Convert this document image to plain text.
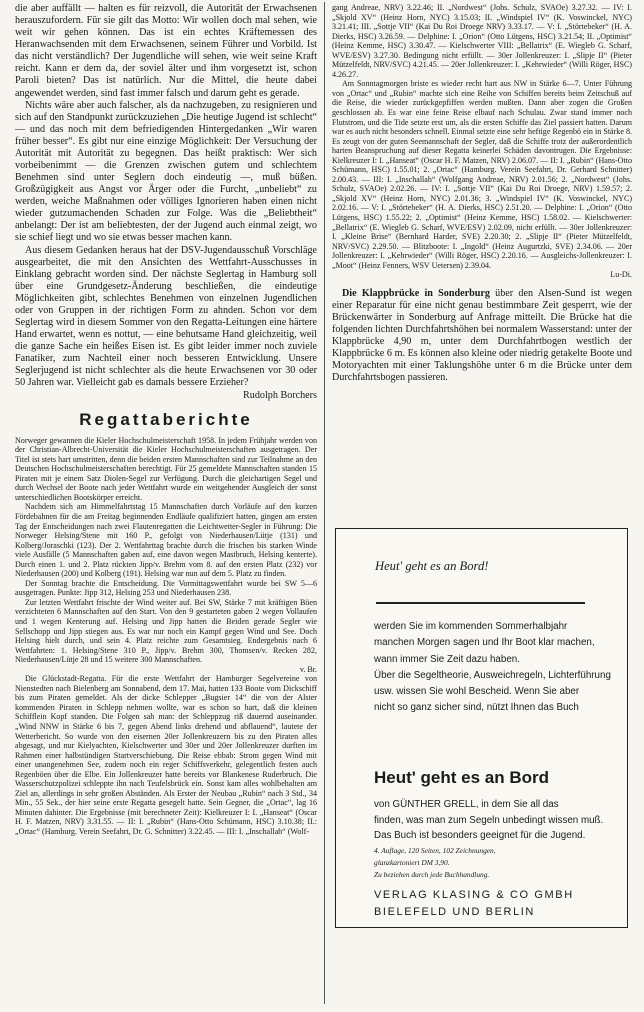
die aber auffällt — halten es für reizvoll, die Autorität der Erwachsenen herauszufordern. Für sie gilt das Motto: Wir wollen doch mal sehen, wie weit wir gehen können. Das ist ein echtes Kräftemessen des Heranwachsenden mit dem Erwachsenen, seinem Führer und Vorbild. Ist das nicht verständlich? Der Jugendliche will sehen, wie weit seine Kraft reicht. Kann er dem da, der soviel älter und ihm vorgesetzt ist, schon Paroli bieten? Das ist natürlich. Nur die Mittel, die heute dabei angewendet werden, sind fast immer falsch und darum geht es gerade.

Nichts wäre aber auch falscher, als da nachzugeben, zu resignieren und sich auf den Standpunkt zurückzuziehen „Die heutige Jugend ist schlecht“ — und das noch mit dem befriedigenden Hintergedanken „Wir waren früher besser“. Es gibt nur eine einzige Möglichkeit: Der Versuchung der Autorität mit Autorität zu begegnen. Das heißt praktisch: Wer sich vorbeibenimmt — die Grenzen zwischen gutem und schlechtem Benehmen sind unter Seglern doch eindeutig —, muß büßen. Großzügigkeit aus Angst vor Ärger oder die Furcht, „unbeliebt“ zu werden, weiche Maßnahmen oder völliges Ignorieren haben einen nicht wieder gutzumachenden Schaden zur Folge. Was die „Beliebtheit“ anbelangt: Der ist am beliebtesten, der der Jugend auch einmal zeigt, wo sie schief liegt und wo sie etwas besser machen kann.

Aus diesem Gedanken heraus hat der DSV-Jugendausschuß Vorschläge ausgearbeitet, die mit den Ansichten des Wettfahrt-Ausschusses in Einklang gebracht worden sind. Der nächste Seglertag in Hamburg soll über eine Grundgesetz-Änderung beschließen, die eindeutige Möglichkeiten gibt, schlechtes Benehmen von einzelnen Jugendlichen oder von Gruppen in der richtigen Form zu ahnden. Schon vor dem Seglertag wird in diesem Sommer von den Regatta-Leitungen eine härtere Hand erwartet, wenn es nottut, — eine behutsame Hand gleichzeitig, weil die ganze Sache ein heißes Eisen ist. Es gibt leider immer noch zuviele Fanatiker, zum Nachteil einer noch besseren Entwicklung. Unsere Seglerjugend ist nicht schlechter als die heute Erwachsenen vor 30 oder 50 Jahren war. Vielleicht gab es damals bessere Erzieher?

Rudolph Borchers

Regattaberichte

Norweger gewannen die Kieler Hochschulmeisterschaft 1958. In jedem Frühjahr werden von der Christian-Albrecht-Universität die Kieler Hochschulmeisterschaften ausgetragen. Der Titel ist stets hart umstritten, denn die beiden ersten Mannschaften sind zur Teilnahme an den Deutschen Hochschulmeisterschaften berechtigt. Für 25 gemeldete Mannschaften standen 15 Piraten mit je einem Satz Diolen-Segel zur Verfügung. Durch die gleichartigen Segel und durch Wechsel der Boote nach jeder Wettfahrt wurde ein weitgehender Ausgleich der sonst unterschiedlichen Bootskörper erreicht.

Nachdem sich am Himmelfahrtstag 15 Mannschaften durch Vorläufe auf den kurzen Fördebahnen für die am Freitag beginnenden Endläufe qualifiziert hatten, gingen am ersten Tag der Entscheidungen nach zwei Flautenregatten die Leichtwetter-Segler in Führung: Die Norweger Helsing/Stene mit 160 P., gefolgt von Niederhausen/Lütje (131) und Kolberg/Joraschki (123). Der 2. Wettfahrttag brachte durch die frischen bis starken Winde viele Ausfälle (5 Mannschaften gaben auf, eine davon wegen Mastbruch, Helsing kenterte). Durch einen 1. und 2. Platz rückten Jipp/v. Brehm vom 8. auf den ersten Platz (232) vor Niederhausen (200) und Kolberg (191). Helsing war nun auf dem 5. Platz zu finden.

Der Sonntag brachte die Entscheidung. Die Vormittagswettfahrt wurde bei SW 5—6 ausgetragen. Punkte: Jipp 312, Helsing 253 und Niederhausen 238.

Zur letzten Wettfahrt frischte der Wind weiter auf. Bei SW, Stärke 7 mit kräftigen Böen verzichteten 6 Mannschaften auf den Start. Von den 9 gestarteten gaben 2 wegen Vollaufen und 1 wegen Kenterung auf. Helsing und Jipp hatten die Beiden gerade Segler wie Sellschopp und Jipp stiegen aus. Es war nur noch ein Kampf gegen Wind und See. Doch Helsing hielt durch, und sein 4. Platz reichte zum Gesamtsieg. Endergebnis nach 6 Wettfahrten: 1. Helsing/Stene 310 P., Jipp/v. Brehm 300, Thomsen/v. Recken 282, Niederhausen/Lütje 28 und 15 weitere 300 Mannschaften.

v. Br.

Die Glückstadt-Regatta. Für die erste Wettfahrt der Hamburger Segelvereine von Nienstedten nach Bielenberg am Sonnabend, dem 17. Mai, hatten 133 Boote vom Dickschiff bis zum Piraten gemeldet. Als der dicke Schlepper „Bugsier 14“ die von der Alster kommenden Piraten in Schlepp nehmen wollte, war es schon so hart, daß die kleinen Schifflein Kopf standen. Die Folgen sah man: der Schleppzug riß dauernd auseinander. „Wind NNW in Stärke 6 bis 7, gegen Abend links drehend und abflauend“, lautete der Wetterbericht. So wurde von den eisernen 20er Jollenkreuzern bis zu den Piraten alles abgesagt, und nur Kielyachten, Kielschwerter und 30er und 20er Jollenkreuzer durften im Rahmen einer halbstündigen Startverschiebung. Die Reise ebbab: Strom gegen Wind mit einer unangenehmen See, zudem noch ein reger Schiffsverkehr, gelegentlich festen auch Regenböen über die Elbe. Ein Jollenkreuzer hatte bereits vor Blankenese Ruderbruch. Die Wasserschutzpolizei schleppte ihn nach Teufelsbrück ein. Sonst kam alles wohlbehalten am Ziel an, allerdings in sehr großen Abständen. Als Erster der Neubau „Rubin“ nach 3 Std., 34 Min., 55 Sek., der hier seine erste Regatta gesegelt hatte. Sein Gegner, die „Ortac“, lag 16 Minuten dahinter. Die Ergebnisse (mit berechneter Zeit): Kielkreuzer I: I. „Hanseat“ (Oscar H. F. Matzen, NRV) 3.31.55. — II: I. „Rubin“ (Hans-Otto Schümann, HSC) 3.10.38; II.: „Ortac“ (Hamburg. Verein Seefahrt, Dr. G. Schnitter) 3.22.45. — III: I. „Inschallah“ (Wolf-

gang Andreae, NRV) 3.22.46; II. „Nordwest“ (Johs. Schulz, SVAOe) 3.27.32. — IV: I. „Skjold XV“ (Heinz Horn, NYC) 3.15.03; II. „Windspiel IV“ (K. Voswinckel, NYC) 3.21.41; III. „Sottje VII“ (Kai Du Roi Droege NRV) 3.33.17. — V: I. „Störtebeker“ (H. A. Dierks, HSC) 3.26.59. — Delphine: I. „Orion“ (Otto Lütgens, HSC) 3.21.54; II. „Optimist“ (Heinz Kemme, HSC) 3.30.47. — Kielschwerter VIII: „Bellatrix“ (E. Wiegleb G. Scharf, WVE/ESV) 3.27.30. Bedingung nicht erfüllt. — 30er Jollenkreuzer: I. „Slipje II“ (Pieter Mützelfeldt, NRV/SVC) 4.21.45. — 20er Jollenkreuzer: I. „Kehrwieder“ (Willi Röger, HSC) 4.26.27.

Am Sonntagmorgen briste es wieder recht hart aus NW in Stärke 6—7. Unter Führung von „Ortac“ und „Rubin“ machte sich eine Reihe von Schiffen bereits beim Zeitschuß auf die Reise, die wieder zurückgepfiffen werden mußten. Dann aber zogen die Großen geschlossen ab. Es war eine feine Reise elbauf nach Schulau. Zwar stand immer noch Flutstrom, und die Tide setzte erst um, als die ersten Schiffe das Ziel passiert hatten. Darum war es auch nicht besonders schnell. Einmal setzte eine sehr heftige Regenbö ein in Stärke 8. Es zeugt von der guten Seemannschaft der Segler, daß die Schiffe trotz der außerordentlich harten Beanspruchung auf dieser Regatta keinerlei Schäden davontrugen. Die Ergebnisse: Kielkreuzer I: I. „Hanseat“ (Oscar H. F. Matzen, NRV) 2.06.07. — II: I. „Rubin“ (Hans-Otto Schümann, HSC) 1.55.01; 2. „Ortac“ (Hamburg. Verein Seefahrt, Dr. Gerhard Schnitter) 2.00.43. — III: I. „Inschallah“ (Wolfgang Andreae, NRV) 2.01.56; 2. „Nordwest“ (Johs. Schulz, SVAOe) 2.02.26. — IV: I. „Sottje VII“ (Kai Du Roi Droege, NRV) 1.59.57; 2. „Skjold XV“ (Heinz Horn, NYC) 2.01.36; 3. „Windspiel IV“ (K. Voswinckel, NYC) 2.02.16. — V: I. „Störtebeker“ (H. A. Dierks, HSC) 2.51.20. — Delphine: I. „Orion“ (Otto Lütgens, HSC) 1.55.22; 2. „Optimist“ (Heinz Kemme, HSC) 1.58.02. — Kielschwerter: „Bellatrix“ (E. Wiegleb G. Scharf, WVE/ESV) 2.02.09, nicht erfüllt. — 30er Jollenkreuzer: I. „Kleine Brise“ (Bernhard Harder, SVE) 2.20.30; 2. „Slipje II“ (Pieter Mützelfeldt, NRV/SVC) 2.29.50. — Blitzboote: I. „Ingold“ (Heinz Augurtzki, SVE) 2.34.06. — 20er Jollenkreuzer: I. „Kehrwieder“ (Willi Röger, HSC) 2.20.16. — Ausgleichs-Jollenkreuzer: I. „Moot“ (Heinz Fenners, WSV Uetersen) 2.39.04.

Lu-Di.

Die Klappbrücke in Sonderburg über den Alsen-Sund ist wegen einer Reparatur für eine nicht genau bestimmbare Zeit gesperrt, wie der Brückenwärter in Sonderburg auf Anfrage mitteilt. Die Brücke hat die folgenden lichten Durchfahrtshöhen bei normalem Wasserstand: unter der Klappbrücke 4,90 m, unter dem Durchfahrtbogen westlich der Klappbrücke 6 m. Es können also kleine oder niedrig getakelte Boote und Motoryachten mit einer Taklungshöhe unter 6 m die Brücke unter dem Durchfahrtsbogen passieren.

Heut' geht es an Bord!
werden Sie im kommenden Sommerhalbjahr
manchen Morgen sagen und Ihr Boot klar machen,
wann immer Sie Zeit dazu haben.
Über die Segeltheorie, Ausweichregeln, Lichterführung
usw. wissen Sie wohl Bescheid. Wenn Sie aber
nicht so ganz sicher sind, nützt Ihnen das Buch
Heut' geht es an Bord
von GÜNTHER GRELL, in dem Sie all das
finden, was man zum Segeln unbedingt wissen muß.
Das Buch ist besonders geeignet für die Jugend.
4. Auflage, 120 Seiten, 102 Zeichnungen,
glanzkartoniert DM 3,90.
Zu beziehen durch jede Buchhandlung.
VERLAG KLASING & CO GMBH
BIELEFELD UND BERLIN
